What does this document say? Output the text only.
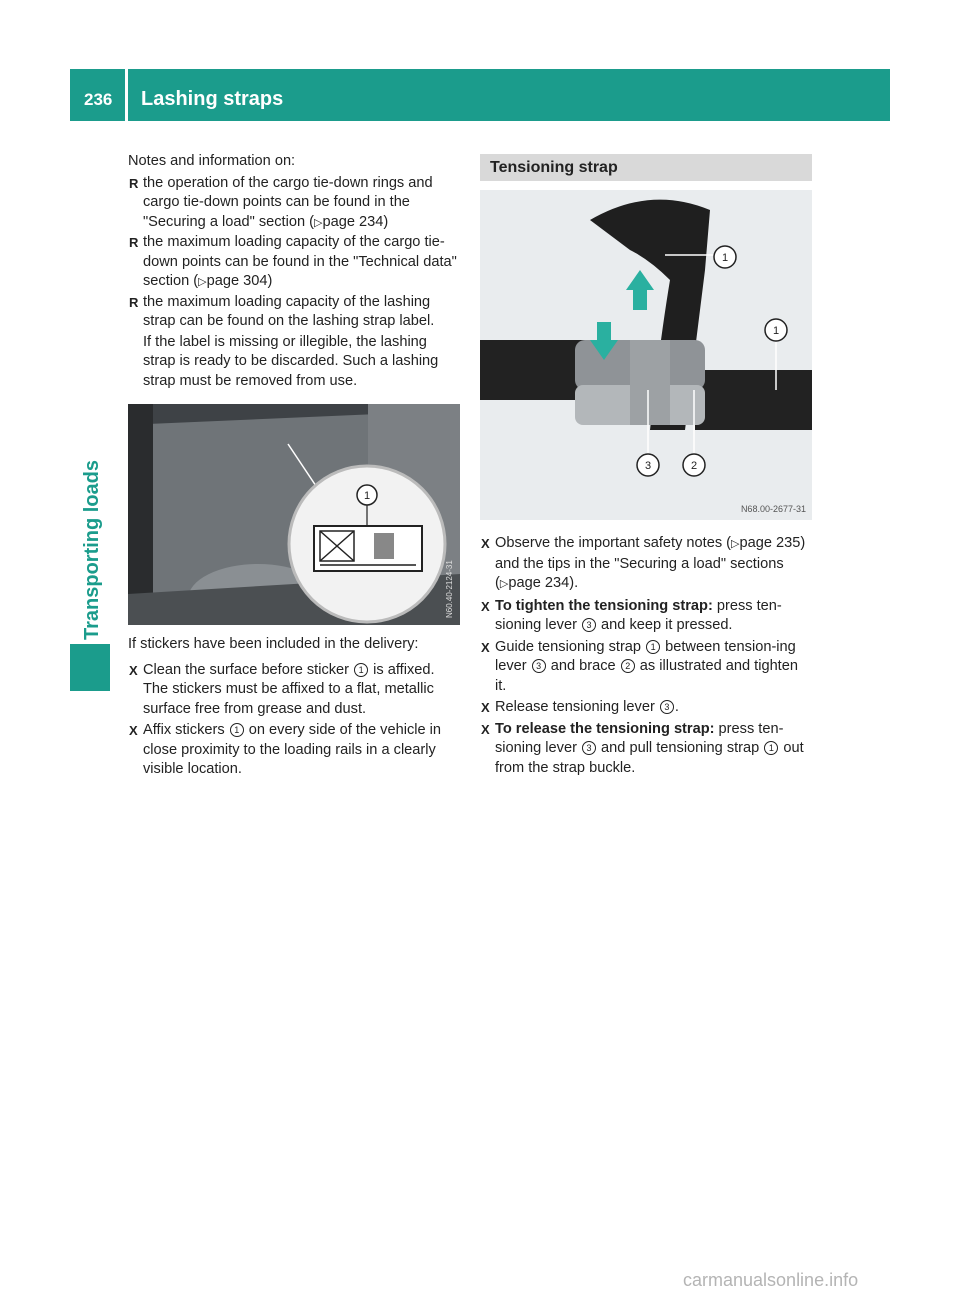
236 Lashing straps
Transporting loads

Notes and information on:

R the operation of the cargo tie-down rings and cargo tie-down points can be found in the "Securing a load" section (▷page 234)
R the maximum loading capacity of the cargo tie-down points can be found in the "Technical data" section (▷page 304)
R the maximum loading capacity of the lashing strap can be found on the lashing strap label.

If the label is missing or illegible, the lashing strap is ready to be discarded. Such a lashing strap must be removed from use.

1
N60.40-2124-31

If stickers have been included in the delivery:

X Clean the surface before sticker 1 is affixed. The stickers must be affixed to a flat, metallic surface free from grease and dust.
X Affix stickers 1 on every side of the vehicle in close proximity to the loading rails in a clearly visible location.
Tensioning strap
1
1
3	2
N68.00-2677-31
X Observe the important safety notes (▷page 235) and the tips in the "Securing a load" sections (▷page 234).
X To tighten the tensioning strap: press ten-sioning lever 3 and keep it pressed.
X Guide tensioning strap 1 between tension-ing lever 3 and brace 2 as illustrated and tighten it.
X Release tensioning lever 3 .
X To release the tensioning strap: press ten-sioning lever 3 and pull tensioning strap 1 out from the strap buckle.
carmanualsonline.info
